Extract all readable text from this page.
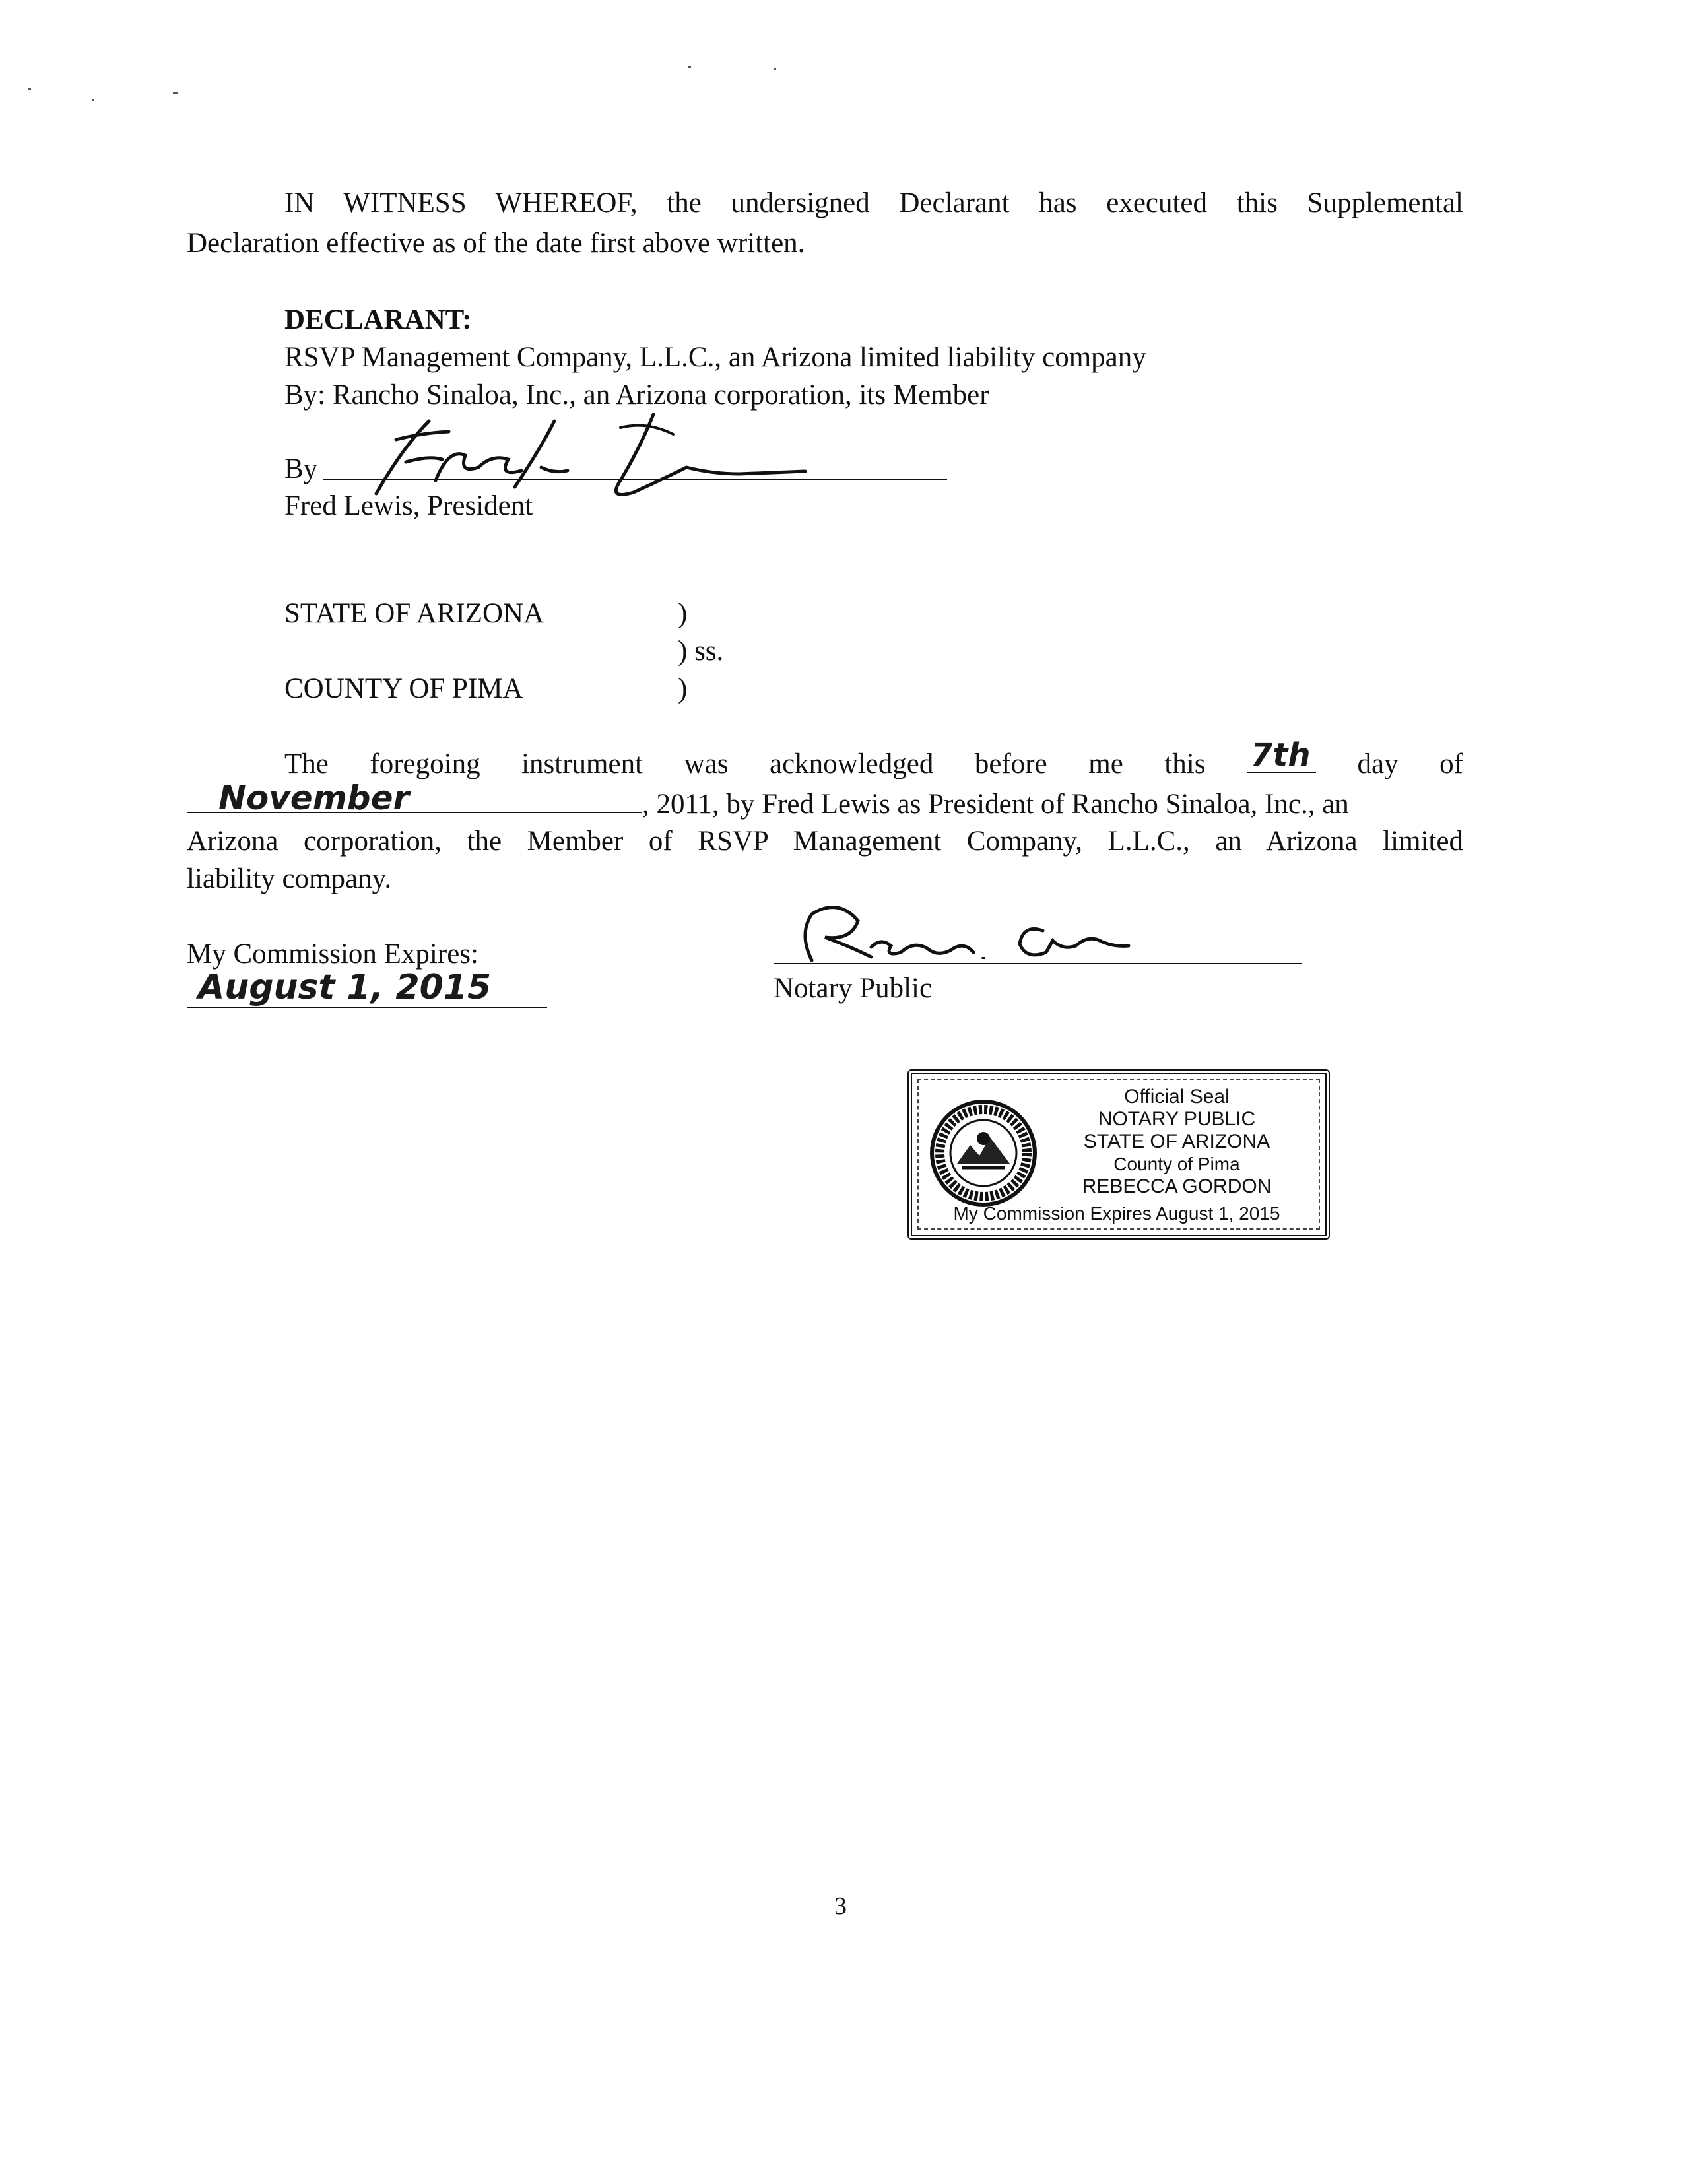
IN WITNESS WHEREOF, the undersigned Declarant has executed this Supplemental
Declaration effective as of the date first above written.
DECLARANT:
RSVP Management Company, L.L.C., an Arizona limited liability company
By: Rancho Sinaloa, Inc., an Arizona corporation, its Member
By
Fred Lewis, President
STATE OF ARIZONA	)
) ss.
COUNTY OF PIMA	)
The foregoing instrument was acknowledged before me this 7th day of
November	, 2011, by Fred Lewis as President of Rancho Sinaloa, Inc., an
Arizona corporation, the Member of RSVP Management Company, L.L.C., an Arizona limited
liability company.
My Commission Expires:
August 1, 2015	Notary Public
Official Seal
NOTARY PUBLIC
STATE OF ARIZONA
County of Pima
REBECCA GORDON
My Commission Expires August 1, 2015
3
